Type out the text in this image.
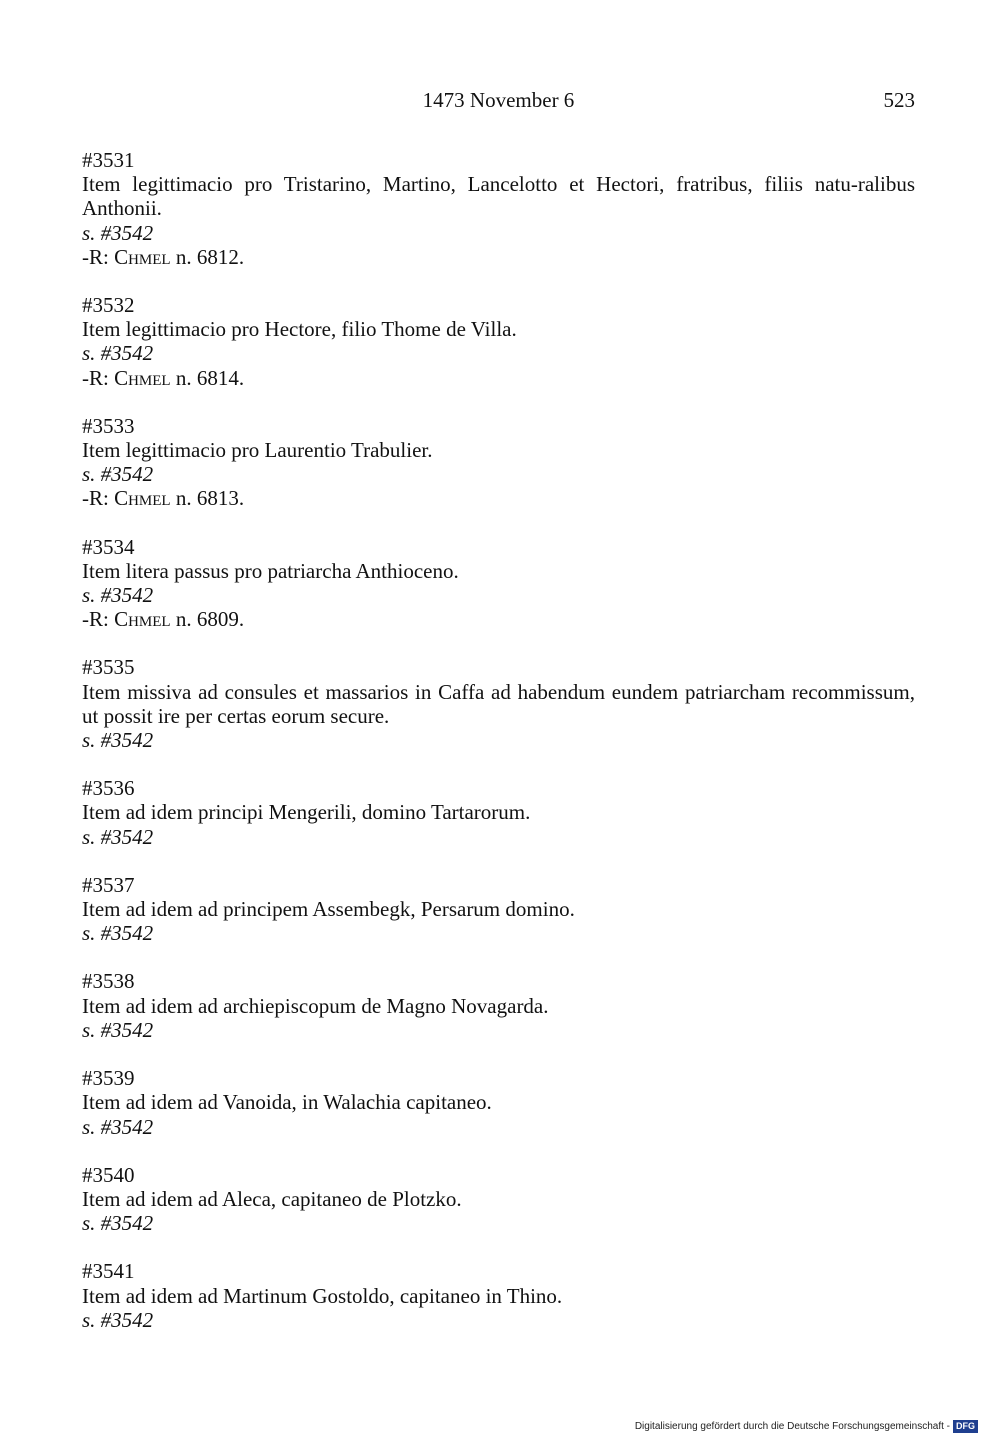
1473 November 6	523
#3531
Item legittimacio pro Tristarino, Martino, Lancelotto et Hectori, fratribus, filiis natu-ralibus Anthonii.
s. #3542
-R: Chmel n. 6812.
#3532
Item legittimacio pro Hectore, filio Thome de Villa.
s. #3542
-R: Chmel n. 6814.
#3533
Item legittimacio pro Laurentio Trabulier.
s. #3542
-R: Chmel n. 6813.
#3534
Item litera passus pro patriarcha Anthioceno.
s. #3542
-R: Chmel n. 6809.
#3535
Item missiva ad consules et massarios in Caffa ad habendum eundem patriarcham recommissum, ut possit ire per certas eorum secure.
s. #3542
#3536
Item ad idem principi Mengerili, domino Tartarorum.
s. #3542
#3537
Item ad idem ad principem Assembegk, Persarum domino.
s. #3542
#3538
Item ad idem ad archiepiscopum de Magno Novagarda.
s. #3542
#3539
Item ad idem ad Vanoida, in Walachia capitaneo.
s. #3542
#3540
Item ad idem ad Aleca, capitaneo de Plotzko.
s. #3542
#3541
Item ad idem ad Martinum Gostoldo, capitaneo in Thino.
s. #3542
Digitalisierung gefördert durch die Deutsche Forschungsgemeinschaft - DFG
